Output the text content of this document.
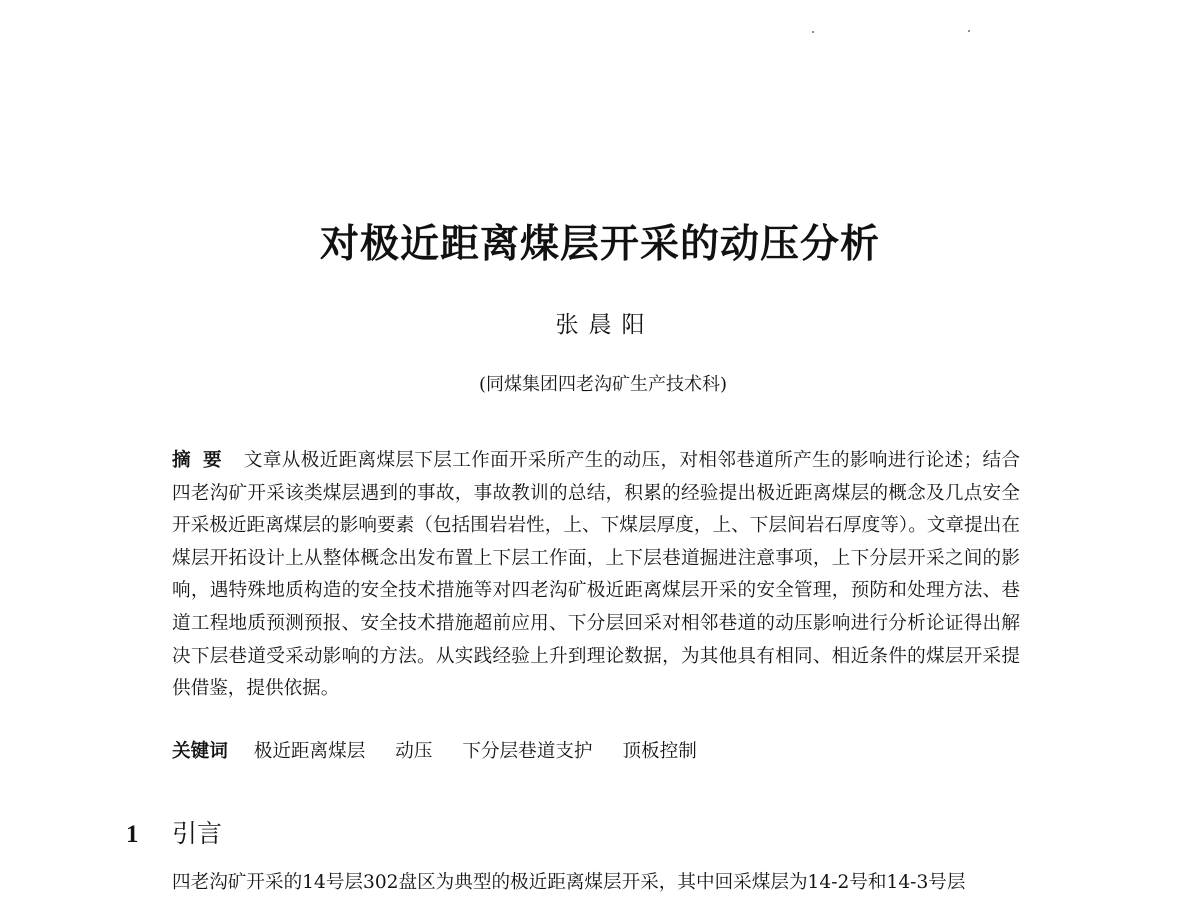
对极近距离煤层开采的动压分析
张晨阳
(同煤集团四老沟矿生产技术科)
摘要 文章从极近距离煤层下层工作面开采所产生的动压，对相邻巷道所产生的影响进行论述；结合四老沟矿开采该类煤层遇到的事故，事故教训的总结，积累的经验提出极近距离煤层的概念及几点安全开采极近距离煤层的影响要素（包括围岩岩性，上、下煤层厚度，上、下层间岩石厚度等）。文章提出在煤层开拓设计上从整体概念出发布置上下层工作面，上下层巷道掘进注意事项，上下分层开采之间的影响，遇特殊地质构造的安全技术措施等对四老沟矿极近距离煤层开采的安全管理，预防和处理方法、巷道工程地质预测预报、安全技术措施超前应用、下分层回采对相邻巷道的动压影响进行分析论证得出解决下层巷道受采动影响的方法。从实践经验上升到理论数据，为其他具有相同、相近条件的煤层开采提供借鉴，提供依据。
关键词 极近距离煤层 动压 下分层巷道支护 顶板控制
1 引言
四老沟矿开采的14号层302盘区为典型的极近距离煤层开采，其中回采煤层为14-2号和14-3号层
